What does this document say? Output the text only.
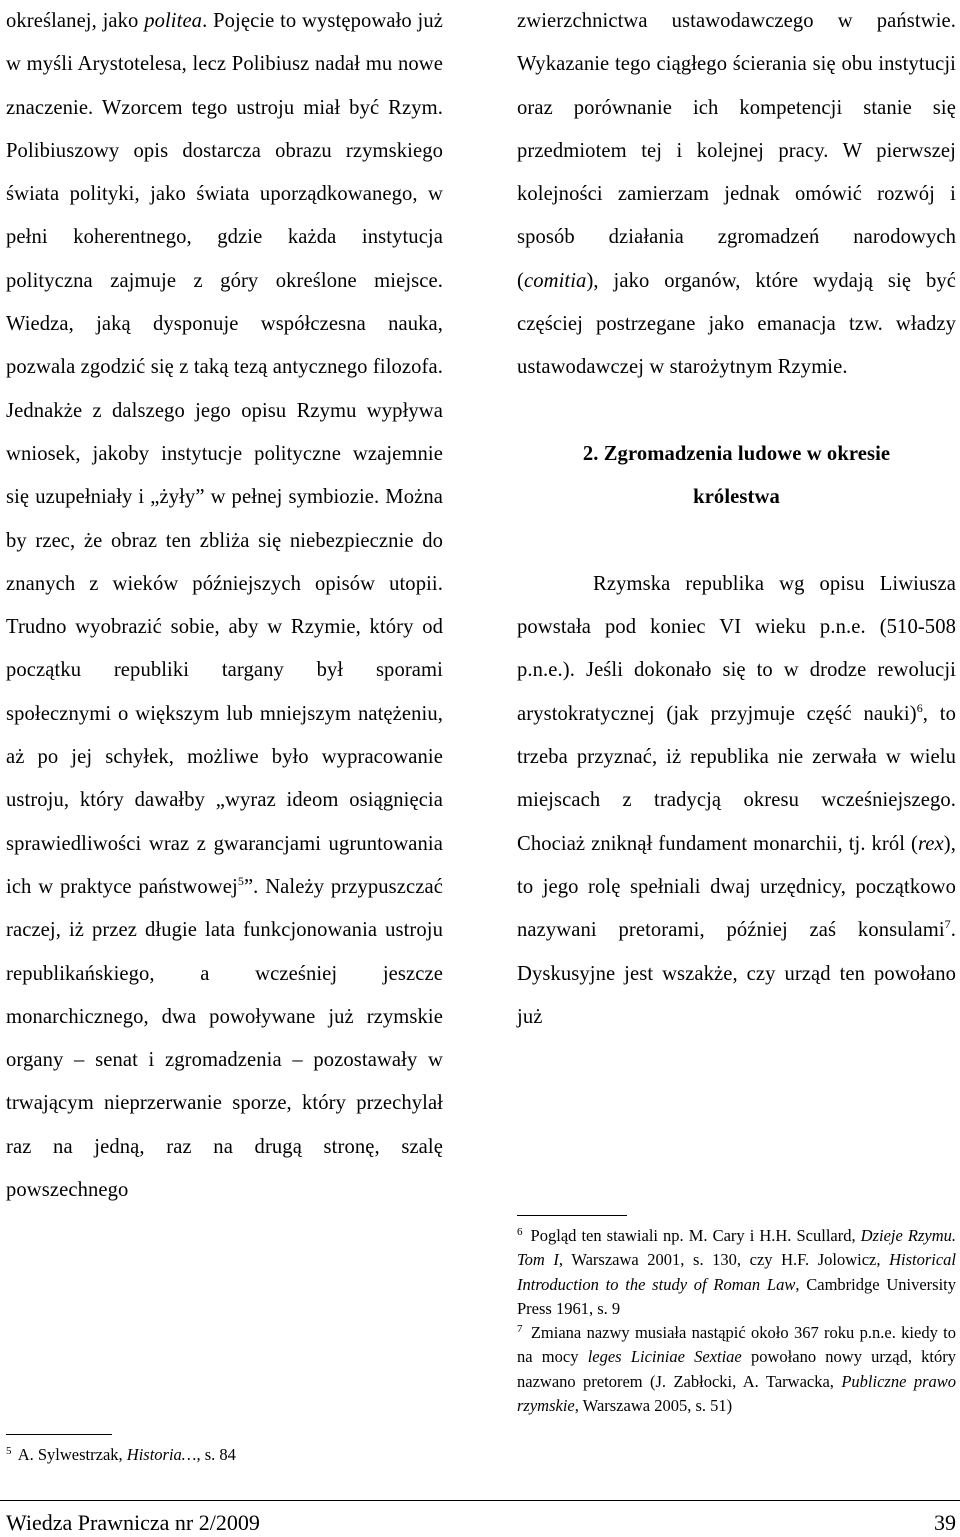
określanej, jako politea. Pojęcie to występowało już w myśli Arystotelesa, lecz Polibiusz nadał mu nowe znaczenie. Wzorcem tego ustroju miał być Rzym. Polibiuszowy opis dostarcza obrazu rzymskiego świata polityki, jako świata uporządkowanego, w pełni koherentnego, gdzie każda instytucja polityczna zajmuje z góry określone miejsce. Wiedza, jaką dysponuje współczesna nauka, pozwala zgodzić się z taką tezą antycznego filozofa. Jednakże z dalszego jego opisu Rzymu wypływa wniosek, jakoby instytucje polityczne wzajemnie się uzupełniały i „żyły” w pełnej symbiozie. Można by rzec, że obraz ten zbliża się niebezpiecznie do znanych z wieków późniejszych opisów utopii. Trudno wyobrazić sobie, aby w Rzymie, który od początku republiki targany był sporami społecznymi o większym lub mniejszym natężeniu, aż po jej schyłek, możliwe było wypracowanie ustroju, który dawałby „wyraz ideom osiągnięcia sprawiedliwości wraz z gwarancjami ugruntowania ich w praktyce państwowej$^5$”. Należy przypuszczać raczej, iż przez długie lata funkcjonowania ustroju republikańskiego, a wcześniej jeszcze monarchicznego, dwa powoływane już rzymskie organy – senat i zgromadzenia – pozostawały w trwającym nieprzerwanie sporze, który przechylał raz na jedną, raz na drugą stronę, szalę powszechnego

zwierzchnictwa ustawodawczego w państwie. Wykazanie tego ciągłego ścierania się obu instytucji oraz porównanie ich kompetencji stanie się przedmiotem tej i kolejnej pracy. W pierwszej kolejności zamierzam jednak omówić rozwój i sposób działania zgromadzeń narodowych (comitia), jako organów, które wydają się być częściej postrzegane jako emanacja tzw. władzy ustawodawczej w starożytnym Rzymie.

2. Zgromadzenia ludowe w okresie
królestwa

Rzymska republika wg opisu Liwiusza powstała pod koniec VI wieku p.n.e. (510-508 p.n.e.). Jeśli dokonało się to w drodze rewolucji arystokratycznej (jak przyjmuje część nauki)$^6$, to trzeba przyznać, iż republika nie zerwała w wielu miejscach z tradycją okresu wcześniejszego. Chociaż zniknął fundament monarchii, tj. król (rex), to jego rolę spełniali dwaj urzędnicy, początkowo nazywani pretorami, później zaś konsulami$^7$. Dyskusyjne jest wszakże, czy urząd ten powołano już

$^5$ A. Sylwestrzak, Historia…, s. 84

$^6$ Pogląd ten stawiali np. M. Cary i H.H. Scullard, Dzieje Rzymu. Tom I, Warszawa 2001, s. 130, czy H.F. Jolowicz, Historical Introduction to the study of Roman Law, Cambridge University Press 1961, s. 9

$^7$ Zmiana nazwy musiała nastąpić około 367 roku p.n.e. kiedy to na mocy leges Liciniae Sextiae powołano nowy urząd, który nazwano pretorem (J. Zabłocki, A. Tarwacka, Publiczne prawo rzymskie, Warszawa 2005, s. 51)

Wiedza Prawnicza nr 2/2009	39
